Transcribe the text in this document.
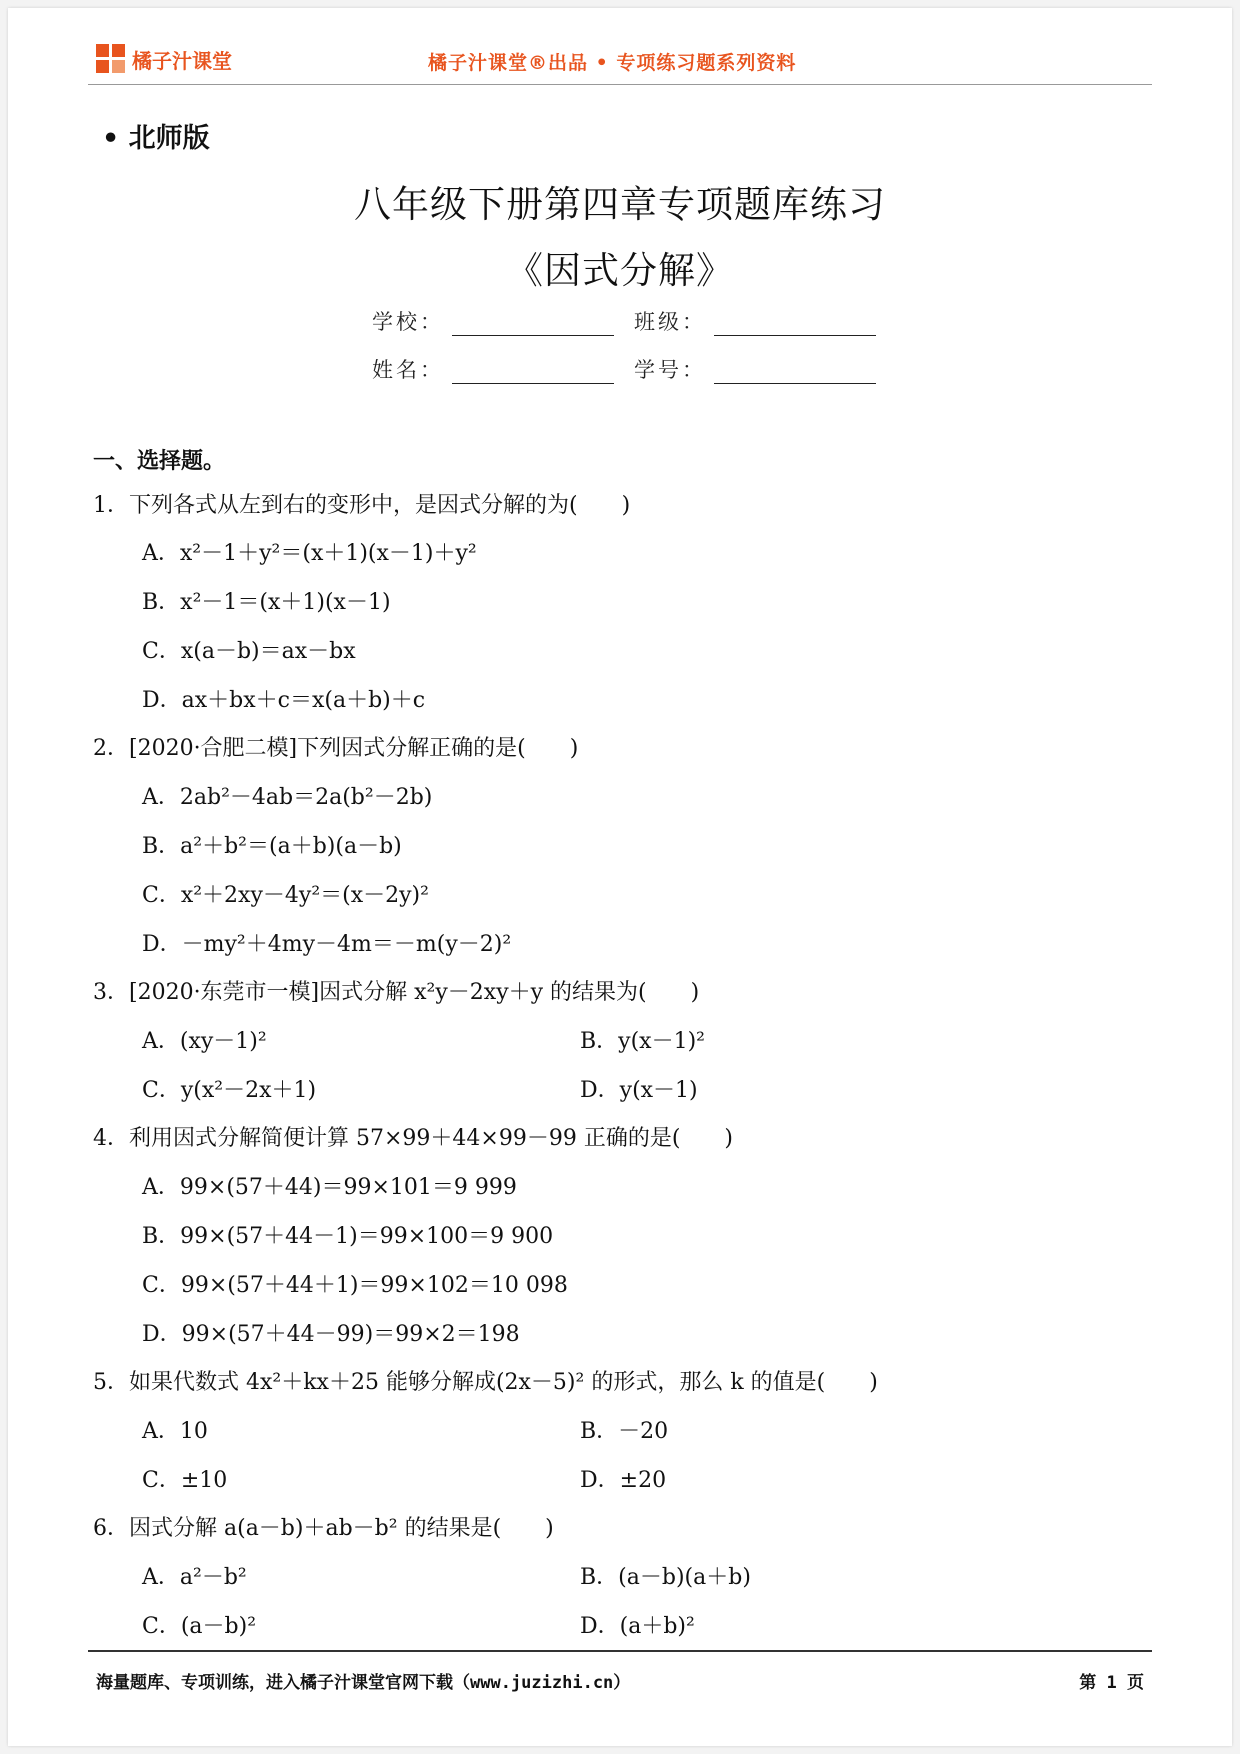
橘子汁课堂	橘子汁课堂®出品 • 专项练习题系列资料
• 北师版
八年级下册第四章专项题库练习
《因式分解》
学校：	班级：
姓名：	学号：
一、选择题。
1．下列各式从左到右的变形中，是因式分解的为(　　)
A．x²－1＋y²＝(x＋1)(x－1)＋y²
B．x²－1＝(x＋1)(x－1)
C．x(a－b)＝ax－bx
D．ax＋bx＋c＝x(a＋b)＋c
2．[2020·合肥二模]下列因式分解正确的是(　　)
A．2ab²－4ab＝2a(b²－2b)
B．a²＋b²＝(a＋b)(a－b)
C．x²＋2xy－4y²＝(x－2y)²
D．－my²＋4my－4m＝－m(y－2)²
3．[2020·东莞市一模]因式分解 x²y－2xy＋y 的结果为(　　)
A．(xy－1)²	B．y(x－1)²
C．y(x²－2x＋1)	D．y(x－1)
4．利用因式分解简便计算 57×99＋44×99－99 正确的是(　　)
A．99×(57＋44)＝99×101＝9 999
B．99×(57＋44－1)＝99×100＝9 900
C．99×(57＋44＋1)＝99×102＝10 098
D．99×(57＋44－99)＝99×2＝198
5．如果代数式 4x²＋kx＋25 能够分解成(2x－5)² 的形式，那么 k 的值是(　　)
A．10	B．－20
C．±10	D．±20
6．因式分解 a(a－b)＋ab－b² 的结果是(　　)
A．a²－b²	B．(a－b)(a＋b)
C．(a－b)²	D．(a＋b)²
海量题库、专项训练，进入橘子汁课堂官网下载（www.juzizhi.cn）	第 1 页
